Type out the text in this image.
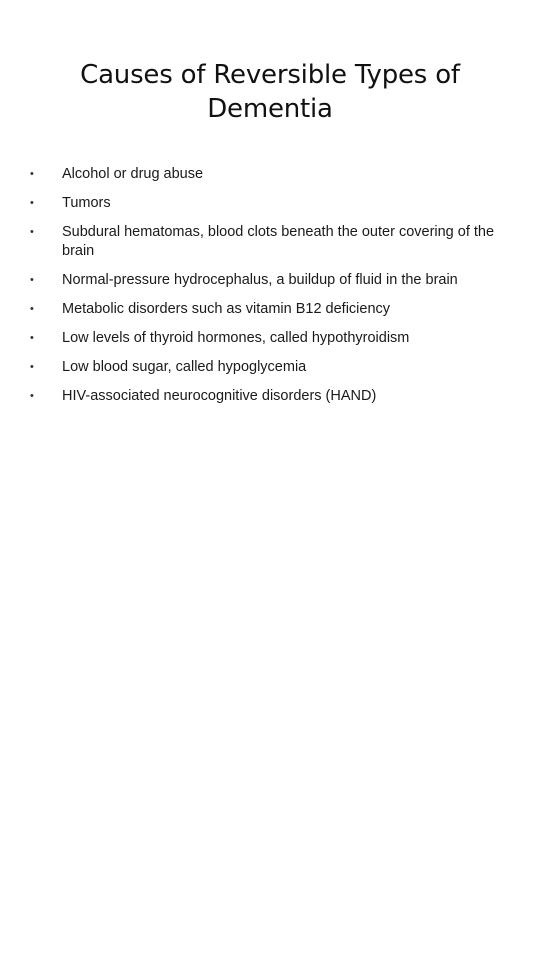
Causes of Reversible Types of Dementia
•	Alcohol or drug abuse
•	Tumors
•	Subdural hematomas, blood clots beneath the outer covering of the brain
•	Normal-pressure hydrocephalus, a buildup of fluid in the brain
•	Metabolic disorders such as vitamin B12 deficiency
•	Low levels of thyroid hormones, called hypothyroidism
•	Low blood sugar, called hypoglycemia
•	HIV-associated neurocognitive disorders (HAND)
